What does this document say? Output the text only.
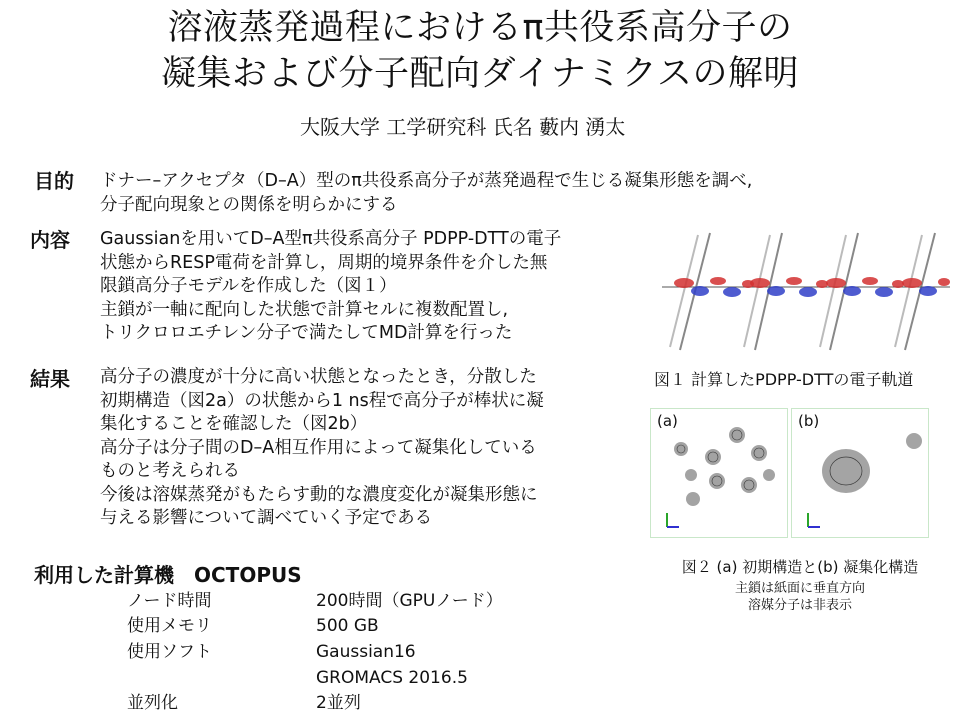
溶液蒸発過程におけるπ共役系高分子の
凝集および分子配向ダイナミクスの解明
大阪大学 工学研究科 氏名 藪内 湧太
目的 ドナー–アクセプタ（D–A）型のπ共役系高分子が蒸発過程で生じる凝集形態を調べ,
分子配向現象との関係を明らかにする
内容 Gaussianを用いてD–A型π共役系高分子 PDPP-DTTの電子
状態からRESP電荷を計算し，周期的境界条件を介した無
限鎖高分子モデルを作成した（図１）
主鎖が一軸に配向した状態で計算セルに複数配置し,
トリクロロエチレン分子で満たしてMD計算を行った
結果 高分子の濃度が十分に高い状態となったとき，分散した
初期構造（図2a）の状態から1 ns程で高分子が棒状に凝
集化することを確認した（図2b）
高分子は分子間のD–A相互作用によって凝集化している
ものと考えられる
今後は溶媒蒸発がもたらす動的な濃度変化が凝集形態に
与える影響について調べていく予定である
図１ 計算したPDPP-DTTの電子軌道
(a)	(b)
図２ (a) 初期構造と(b) 凝集化構造
主鎖は紙面に垂直方向
溶媒分子は非表示
利用した計算機　OCTOPUS
ノード時間	200時間（GPUノード）
使用メモリ	500 GB
使用ソフト	Gaussian16
GROMACS 2016.5
並列化	2並列
